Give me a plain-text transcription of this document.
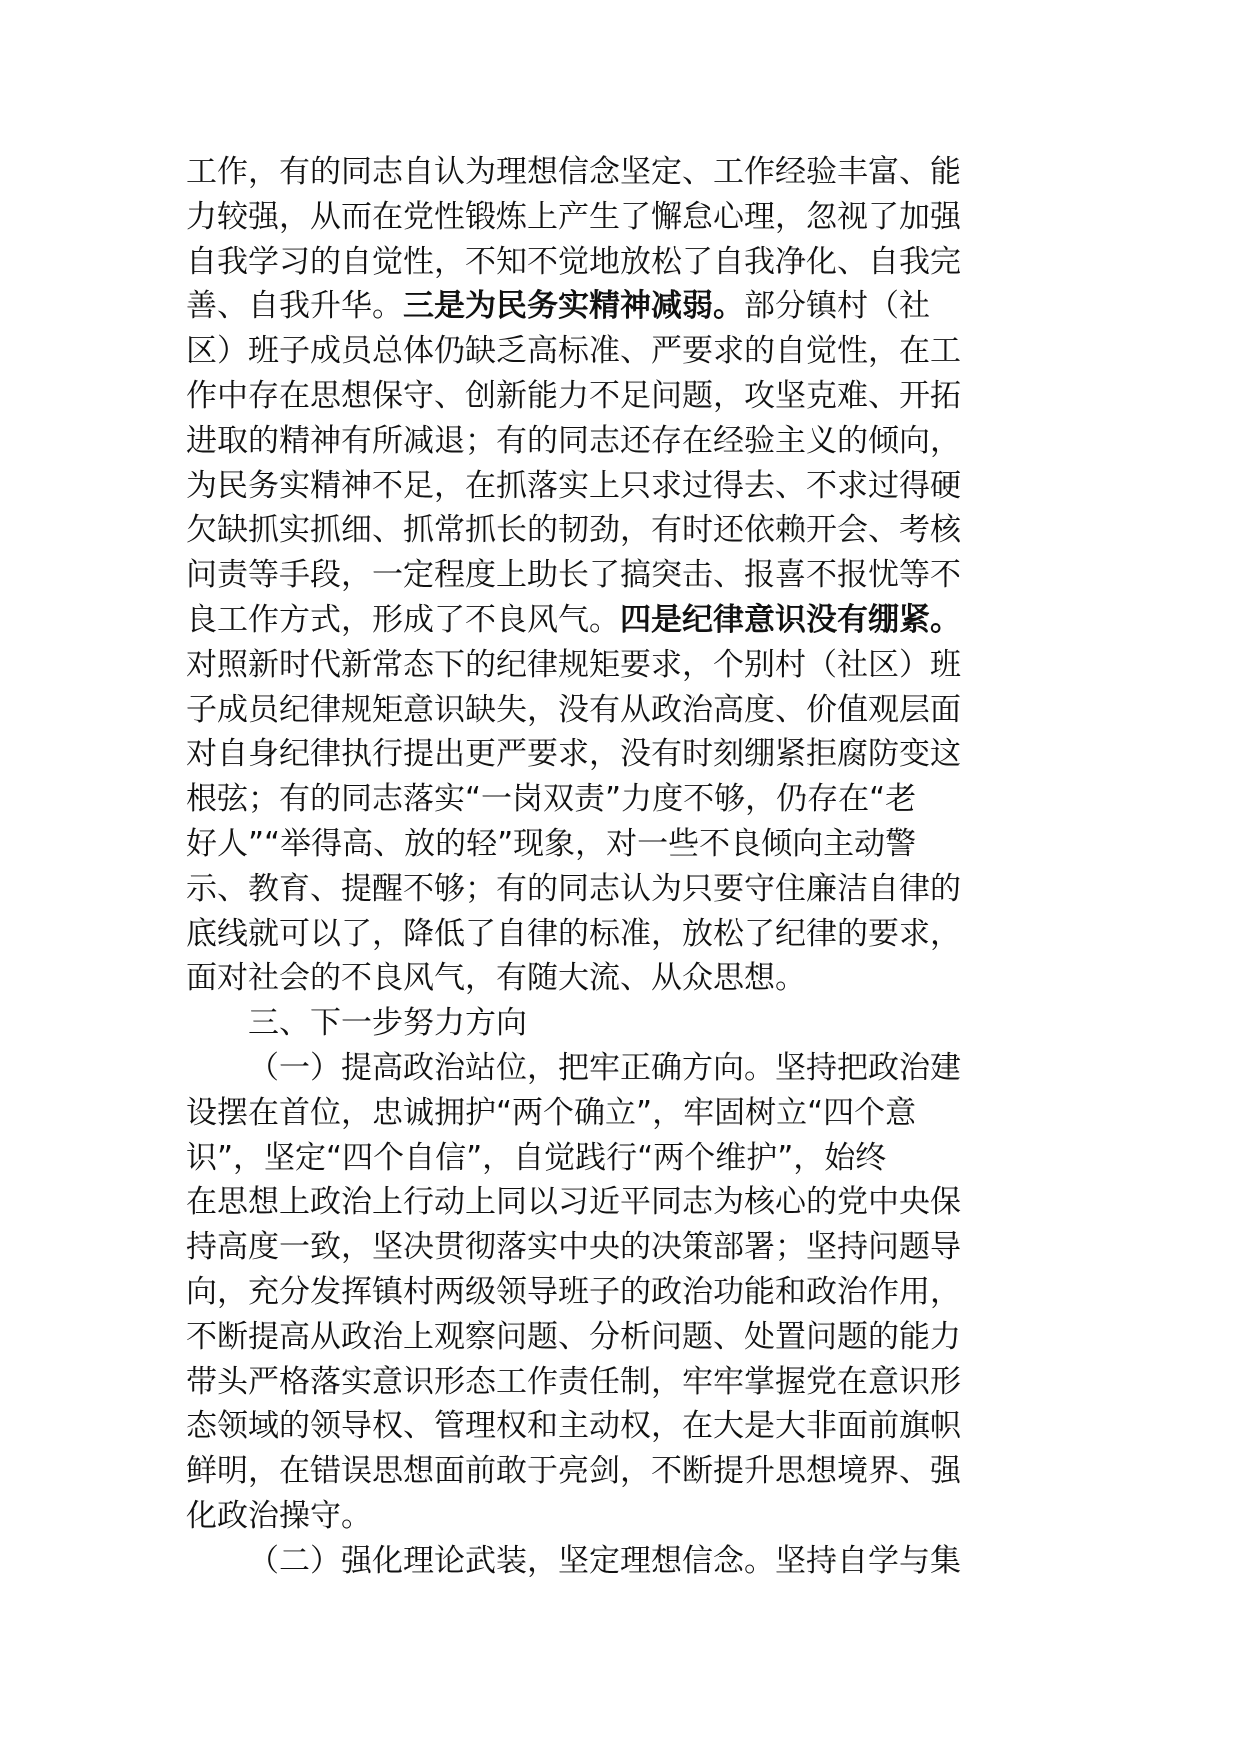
工作，有的同志自认为理想信念坚定、工作经验丰富、能
力较强，从而在党性锻炼上产生了懈怠心理，忽视了加强
自我学习的自觉性，不知不觉地放松了自我净化、自我完
善、自我升华。三是为民务实精神减弱。部分镇村（社
区）班子成员总体仍缺乏高标准、严要求的自觉性，在工
作中存在思想保守、创新能力不足问题，攻坚克难、开拓
进取的精神有所减退；有的同志还存在经验主义的倾向，
为民务实精神不足，在抓落实上只求过得去、不求过得硬
欠缺抓实抓细、抓常抓长的韧劲，有时还依赖开会、考核
问责等手段，一定程度上助长了搞突击、报喜不报忧等不
良工作方式，形成了不良风气。四是纪律意识没有绷紧。
对照新时代新常态下的纪律规矩要求，个别村（社区）班
子成员纪律规矩意识缺失，没有从政治高度、价值观层面
对自身纪律执行提出更严要求，没有时刻绷紧拒腐防变这
根弦；有的同志落实“一岗双责”力度不够，仍存在“老
好人”“举得高、放的轻”现象，对一些不良倾向主动警
示、教育、提醒不够；有的同志认为只要守住廉洁自律的
底线就可以了，降低了自律的标准，放松了纪律的要求，
面对社会的不良风气，有随大流、从众思想。
三、下一步努力方向
（一）提高政治站位，把牢正确方向。坚持把政治建
设摆在首位，忠诚拥护“两个确立”，牢固树立“四个意
识”，坚定“四个自信”，自觉践行“两个维护”，始终
在思想上政治上行动上同以习近平同志为核心的党中央保
持高度一致，坚决贯彻落实中央的决策部署；坚持问题导
向，充分发挥镇村两级领导班子的政治功能和政治作用，
不断提高从政治上观察问题、分析问题、处置问题的能力
带头严格落实意识形态工作责任制，牢牢掌握党在意识形
态领域的领导权、管理权和主动权，在大是大非面前旗帜
鲜明，在错误思想面前敢于亮剑，不断提升思想境界、强
化政治操守。
（二）强化理论武装，坚定理想信念。坚持自学与集
